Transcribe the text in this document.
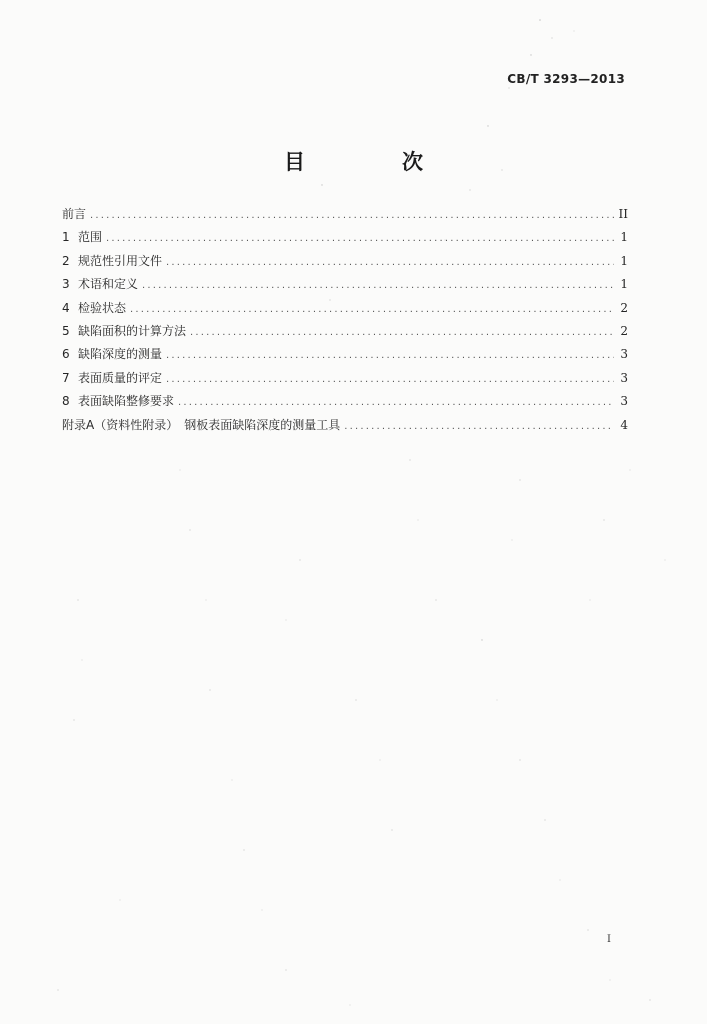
CB/T 3293—2013
目　次
前言 .....	II
1 范围 .....	1
2 规范性引用文件 .....	1
3 术语和定义 .....	1
4 检验状态 .....	2
5 缺陷面积的计算方法 .....	2
6 缺陷深度的测量 .....	3
7 表面质量的评定 .....	3
8 表面缺陷整修要求 .....	3
附录A（资料性附录）　钢板表面缺陷深度的测量工具 .....	4
I
